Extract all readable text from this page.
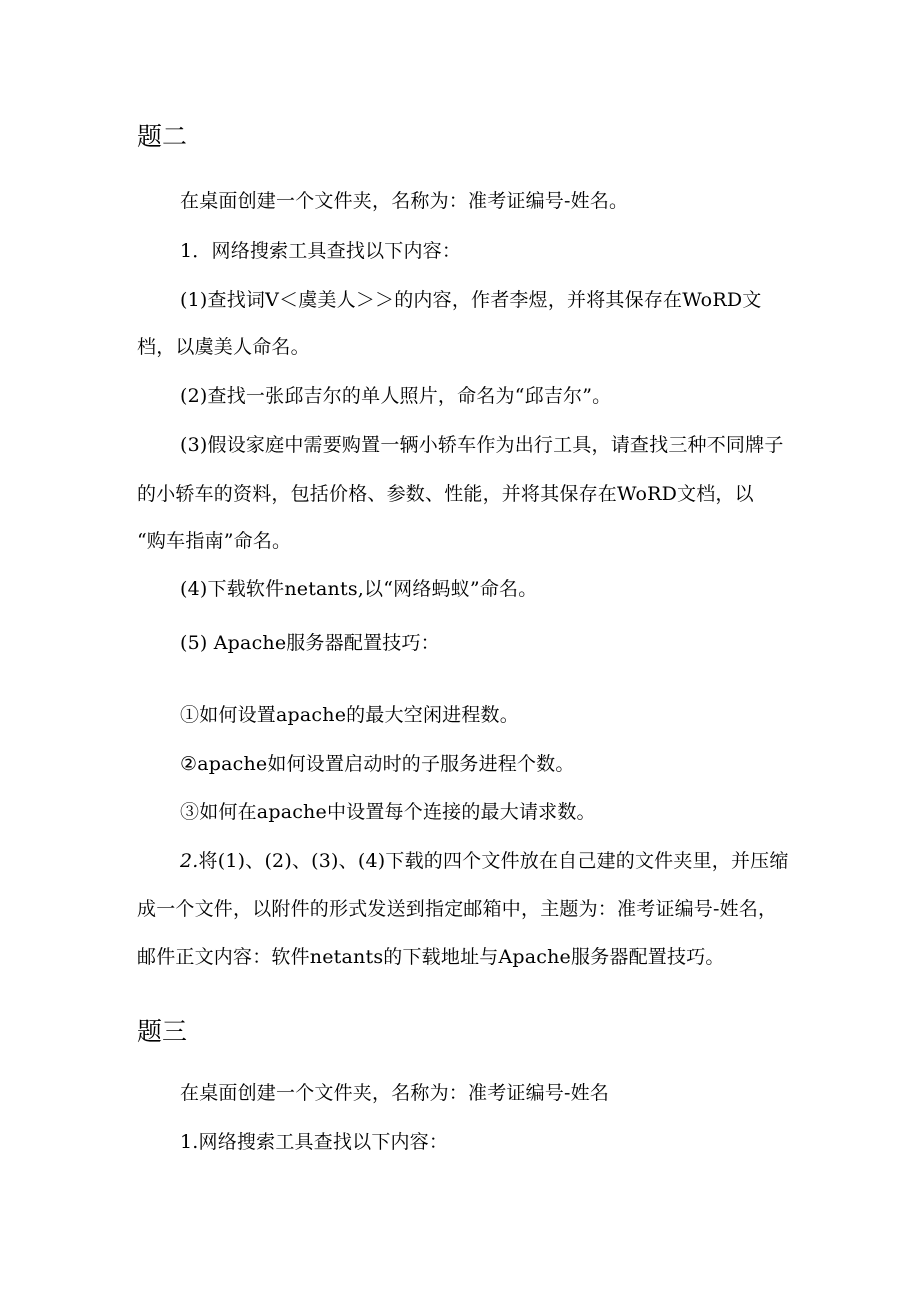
题二
在桌面创建一个文件夹，名称为：准考证编号-姓名。
1．网络搜索工具查找以下内容：
(1)查找词V＜虞美人＞＞的内容，作者李煜，并将其保存在WoRD文
档，以虞美人命名。
(2)查找一张邱吉尔的单人照片，命名为“邱吉尔”。
(3)假设家庭中需要购置一辆小轿车作为出行工具，请查找三种不同牌子
的小轿车的资料，包括价格、参数、性能，并将其保存在WoRD文档，以
“购车指南”命名。
(4)下载软件netants,以“网络蚂蚁”命名。
(5) Apache服务器配置技巧：
①如何设置apache的最大空闲进程数。
②apache如何设置启动时的子服务进程个数。
③如何在apache中设置每个连接的最大请求数。
2.将(1)、(2)、(3)、(4)下载的四个文件放在自己建的文件夹里，并压缩
成一个文件，以附件的形式发送到指定邮箱中，主题为：准考证编号-姓名，
邮件正文内容：软件netants的下载地址与Apache服务器配置技巧。
题三
在桌面创建一个文件夹，名称为：准考证编号-姓名
1.网络搜索工具查找以下内容：
